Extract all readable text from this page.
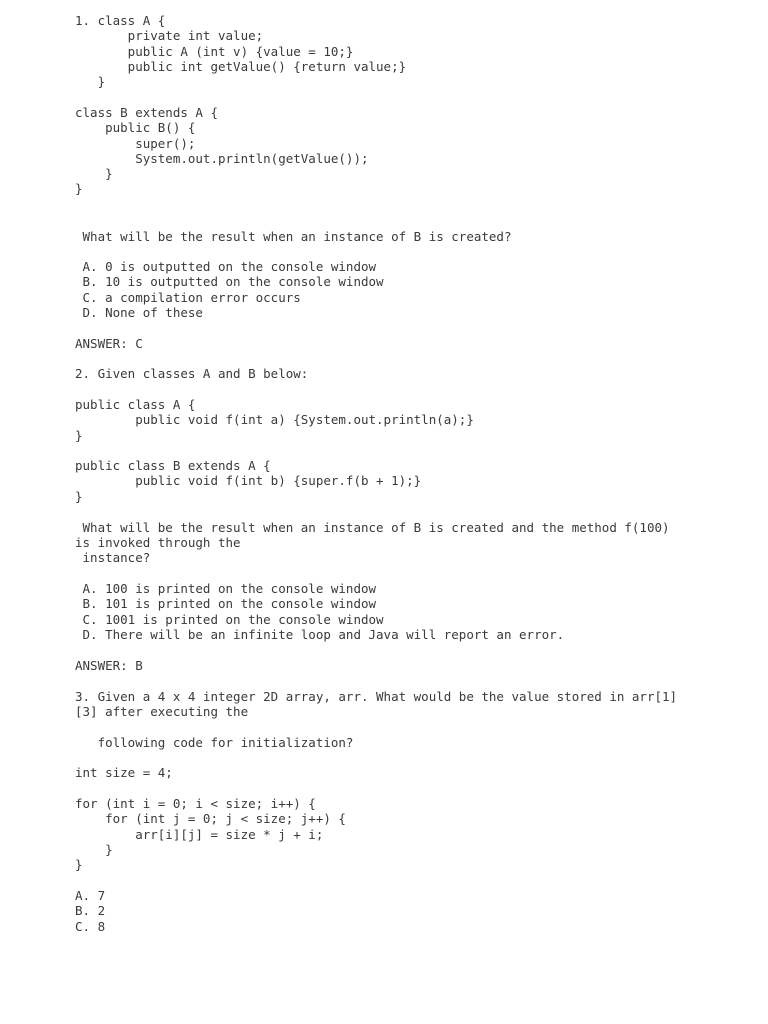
1. class A {

private int value;

public A (int v) {value = 10;}

public int getValue() {return value;}

}

class B extends A {

public B() {

super();

System.out.println(getValue());

}

}

What will be the result when an instance of B is created?

A. 0 is outputted on the console window

B. 10 is outputted on the console window

C. a compilation error occurs

D. None of these

ANSWER: C

2. Given classes A and B below:

public class A {

public void f(int a) {System.out.println(a);}

}

public class B extends A {

public void f(int b) {super.f(b + 1);}

}

What will be the result when an instance of B is created and the method f(100)

is invoked through the

instance?

A. 100 is printed on the console window

B. 101 is printed on the console window

C. 1001 is printed on the console window

D. There will be an infinite loop and Java will report an error.

ANSWER: B

3. Given a 4 x 4 integer 2D array, arr. What would be the value stored in arr[1]

[3] after executing the

following code for initialization?

int size = 4;

for (int i = 0; i < size; i++) {

for (int j = 0; j < size; j++) {

arr[i][j] = size * j + i;

}

}

A. 7

B. 2

C. 8
